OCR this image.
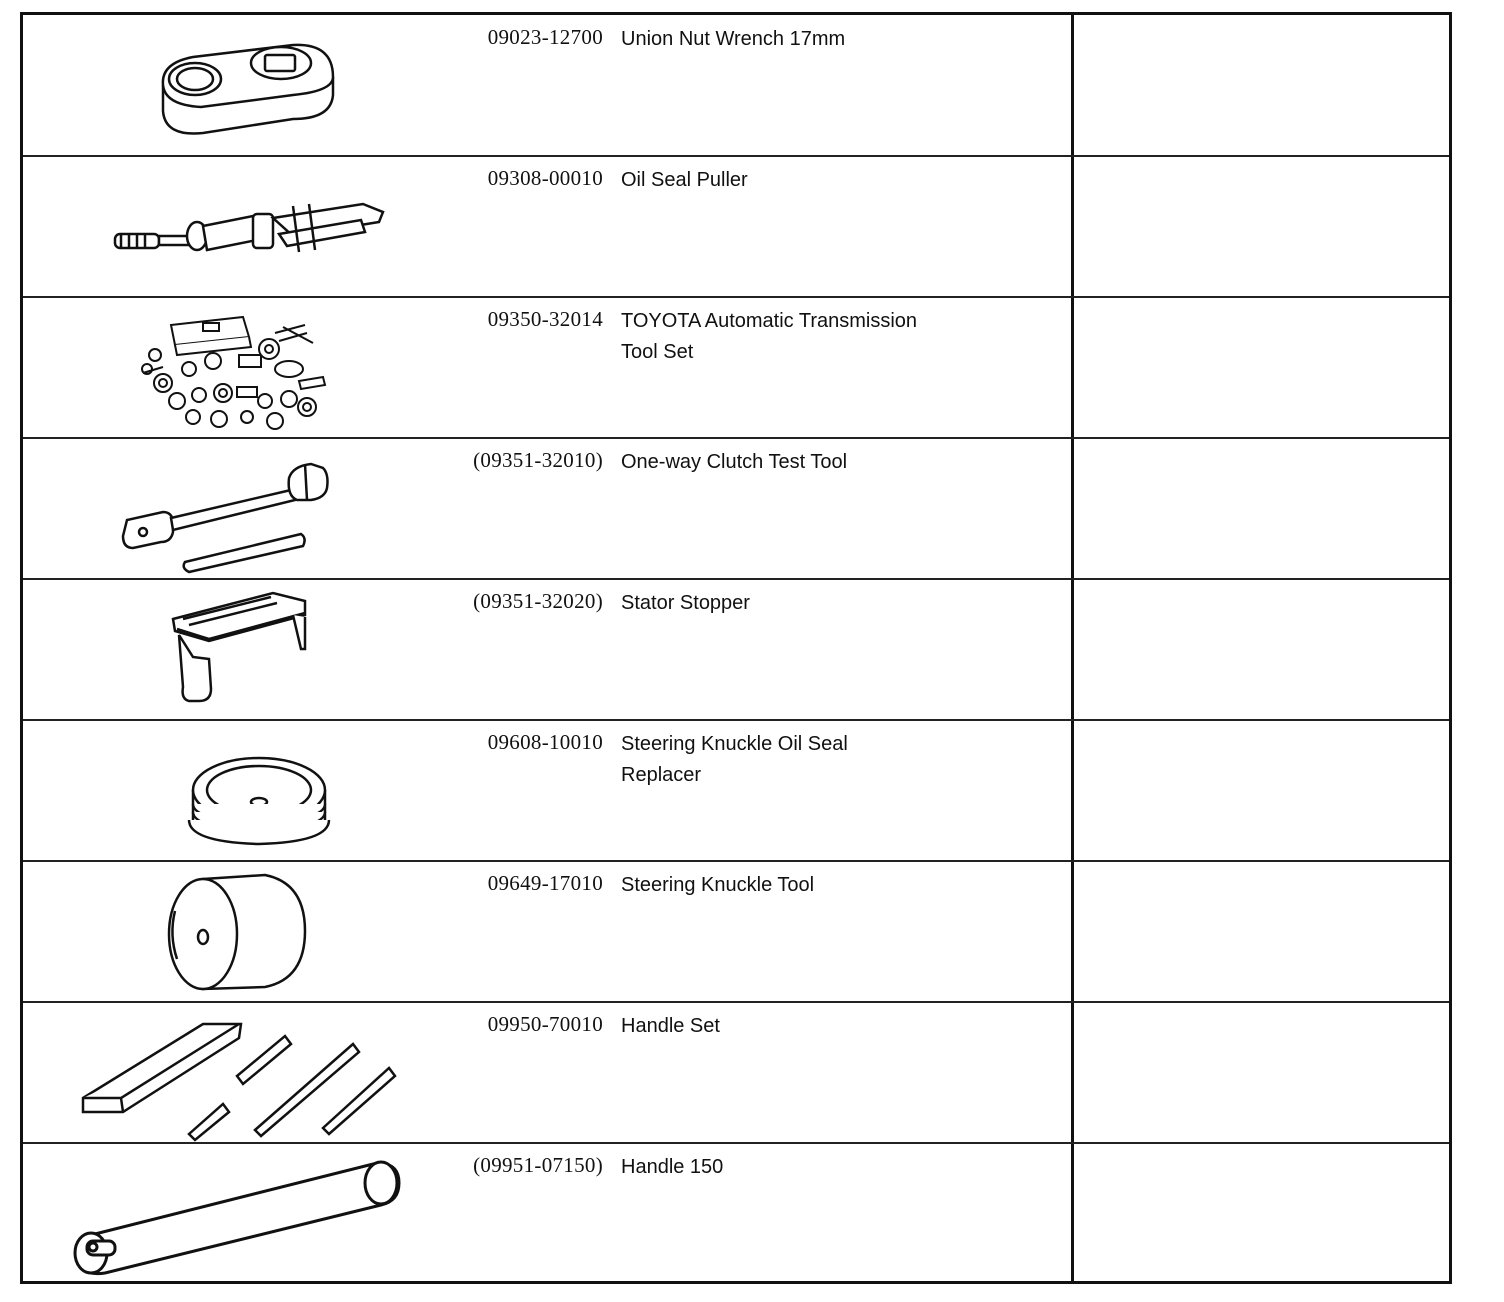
09023-12700 Union Nut Wrench 17mm
09308-00010 Oil Seal Puller
09350-32014 TOYOTA Automatic Transmission
Tool Set
(09351-32010) One-way Clutch Test Tool
(09351-32020) Stator Stopper
09608-10010 Steering Knuckle Oil Seal
Replacer
09649-17010 Steering Knuckle Tool
09950-70010 Handle Set
(09951-07150) Handle 150
